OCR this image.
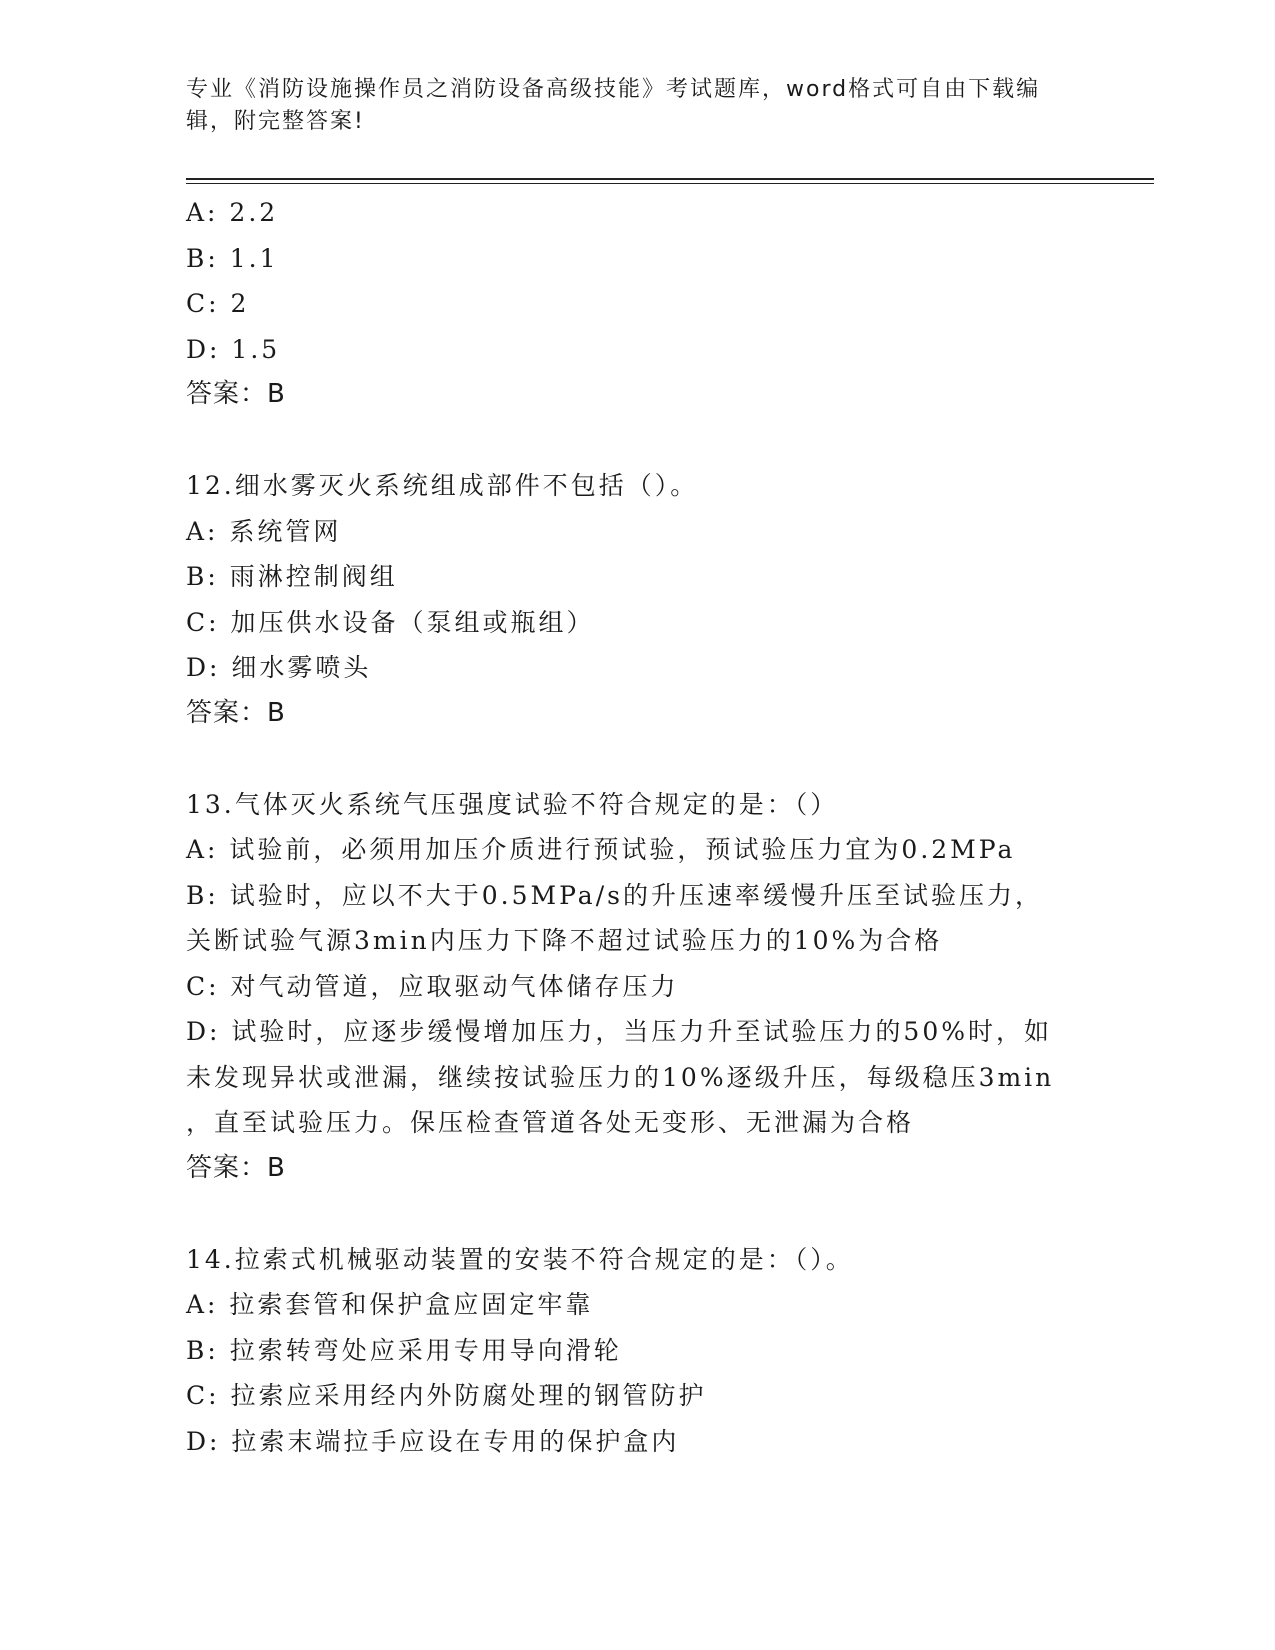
专业《消防设施操作员之消防设备高级技能》考试题库，word格式可自由下载编辑，附完整答案!
A: 2.2
B: 1.1
C: 2
D: 1.5
答案：B
12.细水雾灭火系统组成部件不包括（）。
A: 系统管网
B: 雨淋控制阀组
C: 加压供水设备（泵组或瓶组）
D: 细水雾喷头
答案：B
13.气体灭火系统气压强度试验不符合规定的是：（）
A: 试验前，必须用加压介质进行预试验，预试验压力宜为0.2MPa
B: 试验时，应以不大于0.5MPa/s的升压速率缓慢升压至试验压力，
关断试验气源3min内压力下降不超过试验压力的10%为合格
C: 对气动管道，应取驱动气体储存压力
D: 试验时，应逐步缓慢增加压力，当压力升至试验压力的50%时，如
未发现异状或泄漏，继续按试验压力的10%逐级升压，每级稳压3min
，直至试验压力。保压检查管道各处无变形、无泄漏为合格
答案：B
14.拉索式机械驱动装置的安装不符合规定的是：（）。
A: 拉索套管和保护盒应固定牢靠
B: 拉索转弯处应采用专用导向滑轮
C: 拉索应采用经内外防腐处理的钢管防护
D: 拉索末端拉手应设在专用的保护盒内
